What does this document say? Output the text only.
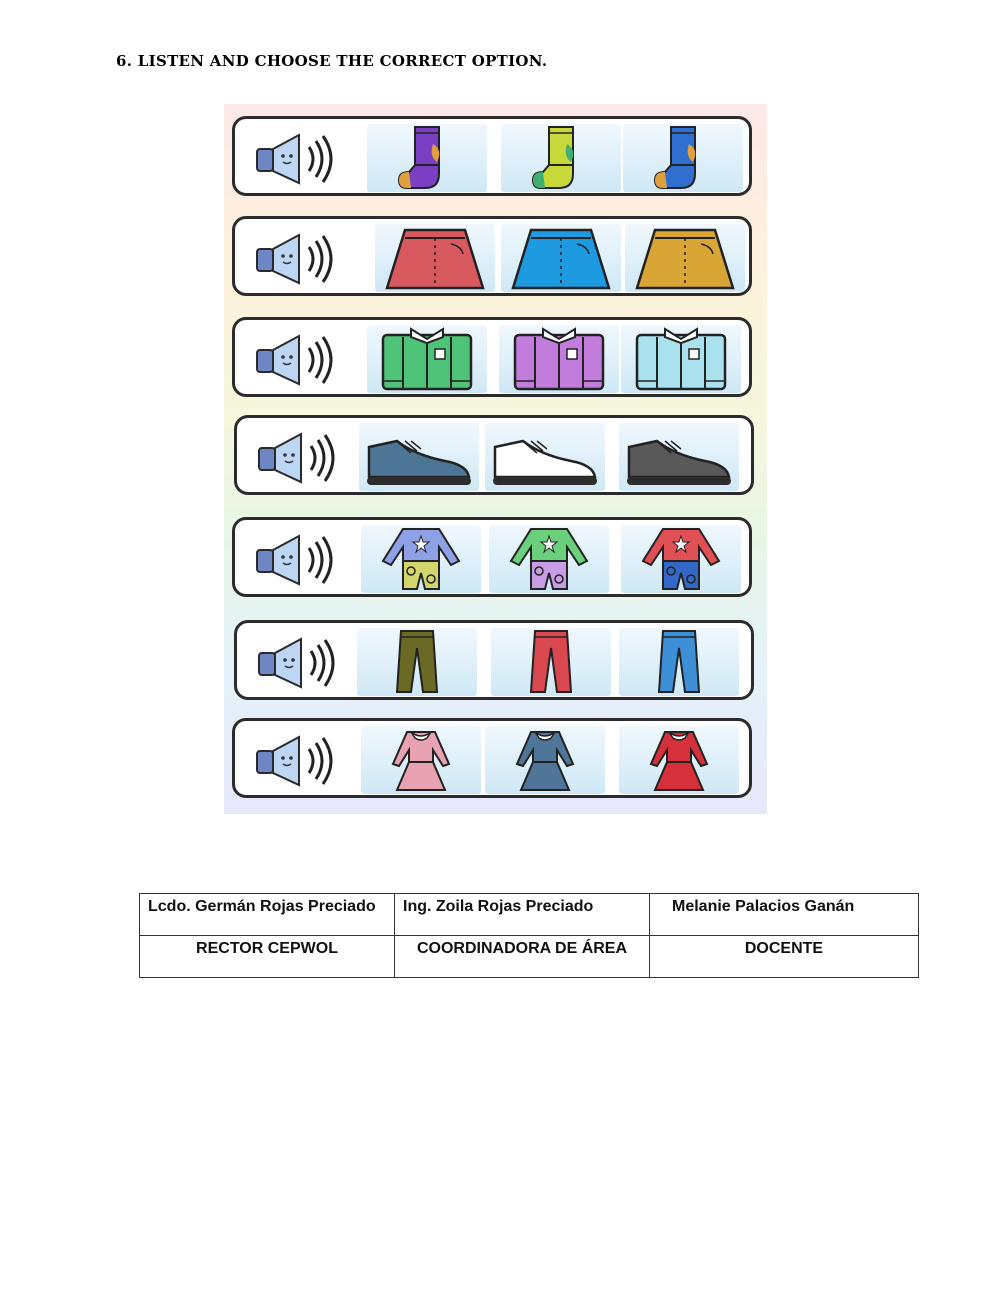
6. LISTEN AND CHOOSE THE CORRECT OPTION.
Lcdo. Germán Rojas Preciado	Ing. Zoila Rojas Preciado	Melanie Palacios Ganán
RECTOR CEPWOL	COORDINADORA DE ÁREA	DOCENTE
